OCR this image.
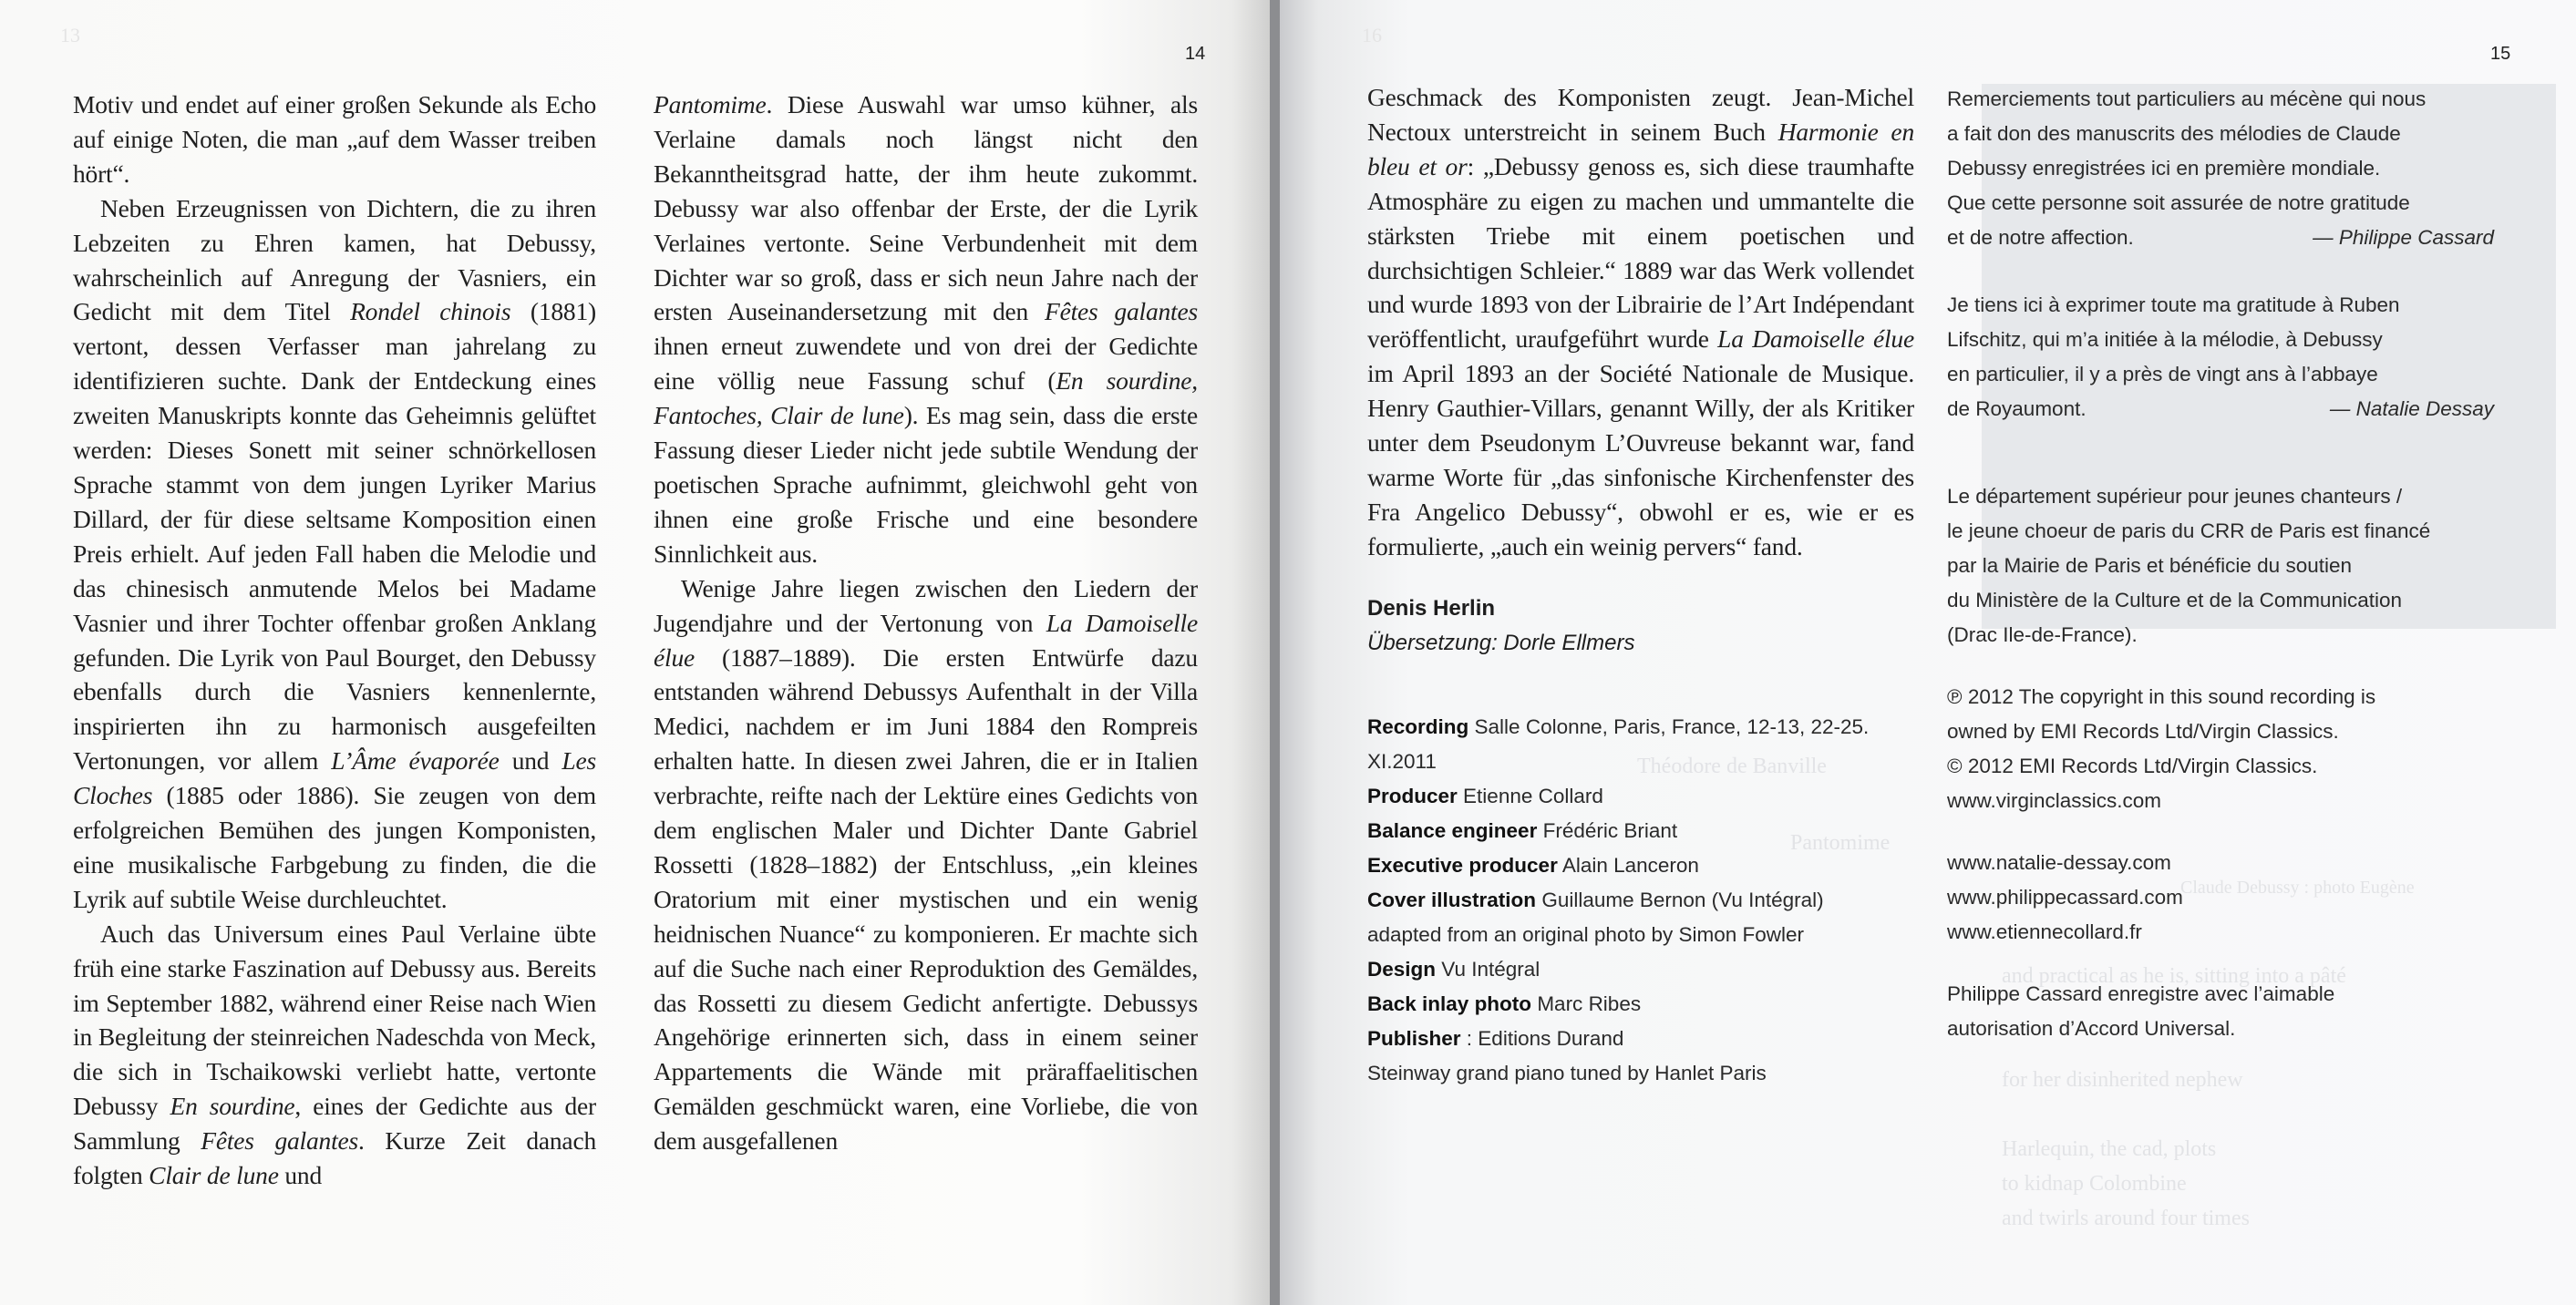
13
14

Motiv und endet auf einer großen Sekunde als Echo auf einige Noten, die man „auf dem Wasser treiben hört“.

Neben Erzeugnissen von Dichtern, die zu ihren Lebzeiten zu Ehren kamen, hat Debussy, wahrscheinlich auf Anregung der Vasniers, ein Gedicht mit dem Titel Rondel chinois (1881) vertont, dessen Verfasser man jahrelang zu identifizieren suchte. Dank der Entdeckung eines zweiten Manuskripts konnte das Geheimnis gelüftet werden: Dieses Sonett mit seiner schnörkellosen Sprache stammt von dem jungen Lyriker Marius Dillard, der für diese seltsame Komposition einen Preis erhielt. Auf jeden Fall haben die Melodie und das chinesisch anmutende Melos bei Madame Vasnier und ihrer Tochter offenbar großen Anklang gefunden. Die Lyrik von Paul Bourget, den Debussy ebenfalls durch die Vasniers kennenlernte, inspirierten ihn zu harmonisch ausgefeilten Vertonungen, vor allem L’Âme évaporée und Les Cloches (1885 oder 1886). Sie zeugen von dem erfolgreichen Bemühen des jungen Komponisten, eine musikalische Farbgebung zu finden, die die Lyrik auf subtile Weise durchleuchtet.

Auch das Universum eines Paul Verlaine übte früh eine starke Faszination auf Debussy aus. Bereits im September 1882, während einer Reise nach Wien in Begleitung der steinreichen Nadeschda von Meck, die sich in Tschaikowski verliebt hatte, vertonte Debussy En sourdine, eines der Gedichte aus der Sammlung Fêtes galantes. Kurze Zeit danach folgten Clair de lune und

Pantomime. Diese Auswahl war umso kühner, als Verlaine damals noch längst nicht den Bekanntheitsgrad hatte, der ihm heute zukommt. Debussy war also offenbar der Erste, der die Lyrik Verlaines vertonte. Seine Verbundenheit mit dem Dichter war so groß, dass er sich neun Jahre nach der ersten Auseinandersetzung mit den Fêtes galantes ihnen erneut zuwendete und von drei der Gedichte eine völlig neue Fassung schuf (En sourdine, Fantoches, Clair de lune). Es mag sein, dass die erste Fassung dieser Lieder nicht jede subtile Wendung der poetischen Sprache aufnimmt, gleichwohl geht von ihnen eine große Frische und eine besondere Sinnlichkeit aus.

Wenige Jahre liegen zwischen den Liedern der Jugendjahre und der Vertonung von La Damoiselle élue (1887–1889). Die ersten Entwürfe dazu entstanden während Debussys Aufenthalt in der Villa Medici, nachdem er im Juni 1884 den Rompreis erhalten hatte. In diesen zwei Jahren, die er in Italien verbrachte, reifte nach der Lektüre eines Gedichts von dem englischen Maler und Dichter Dante Gabriel Rossetti (1828–1882) der Entschluss, „ein kleines Oratorium mit einer mystischen und ein wenig heidnischen Nuance“ zu komponieren. Er machte sich auf die Suche nach einer Reproduktion des Gemäldes, das Rossetti zu diesem Gedicht anfertigte. Debussys Angehörige erinnerten sich, dass in einem seiner Appartements die Wände mit präraffaelitischen Gemälden geschmückt waren, eine Vorliebe, die von dem ausgefallenen

16
15
Théodore de Banville
Pantomime
Claude Debussy : photo Eugène
and practical as he is, sitting into a pâté
for her disinherited nephew
Harlequin, the cad, plots
to kidnap Colombine
and twirls around four times

Geschmack des Komponisten zeugt. Jean-Michel Nectoux unterstreicht in seinem Buch Harmonie en bleu et or: „Debussy genoss es, sich diese traumhafte Atmosphäre zu eigen zu machen und ummantelte die stärksten Triebe mit einem poetischen und durchsichtigen Schleier.“ 1889 war das Werk vollendet und wurde 1893 von der Librairie de l’Art Indépendant veröffentlicht, uraufgeführt wurde La Damoiselle élue im April 1893 an der Société Nationale de Musique. Henry Gauthier-Villars, genannt Willy, der als Kritiker unter dem Pseudonym L’Ouvreuse bekannt war, fand warme Worte für „das sinfonische Kirchenfenster des Fra Angelico Debussy“, obwohl er es, wie er es formulierte, „auch ein weinig pervers“ fand.

Denis Herlin
Übersetzung: Dorle Ellmers
Recording Salle Colonne, Paris, France, 12-13, 22-25.
XI.2011
Producer Etienne Collard
Balance engineer Frédéric Briant
Executive producer Alain Lanceron
Cover illustration Guillaume Bernon (Vu Intégral)
adapted from an original photo by Simon Fowler
Design Vu Intégral
Back inlay photo Marc Ribes
Publisher : Editions Durand
Steinway grand piano tuned by Hanlet Paris
Remerciements tout particuliers au mécène qui nous
a fait don des manuscrits des mélodies de Claude
Debussy enregistrées ici en première mondiale.
Que cette personne soit assurée de notre gratitude
et de notre affection.	— Philippe Cassard
Je tiens ici à exprimer toute ma gratitude à Ruben
Lifschitz, qui m’a initiée à la mélodie, à Debussy
en particulier, il y a près de vingt ans à l’abbaye
de Royaumont.	— Natalie Dessay
Le département supérieur pour jeunes chanteurs /
le jeune choeur de paris du CRR de Paris est financé
par la Mairie de Paris et bénéficie du soutien
du Ministère de la Culture et de la Communication
(Drac Ile-de-France).
℗ 2012 The copyright in this sound recording is
owned by EMI Records Ltd/Virgin Classics.
© 2012 EMI Records Ltd/Virgin Classics.
www.virginclassics.com
www.natalie-dessay.com
www.philippecassard.com
www.etiennecollard.fr
Philippe Cassard enregistre avec l’aimable
autorisation d’Accord Universal.
